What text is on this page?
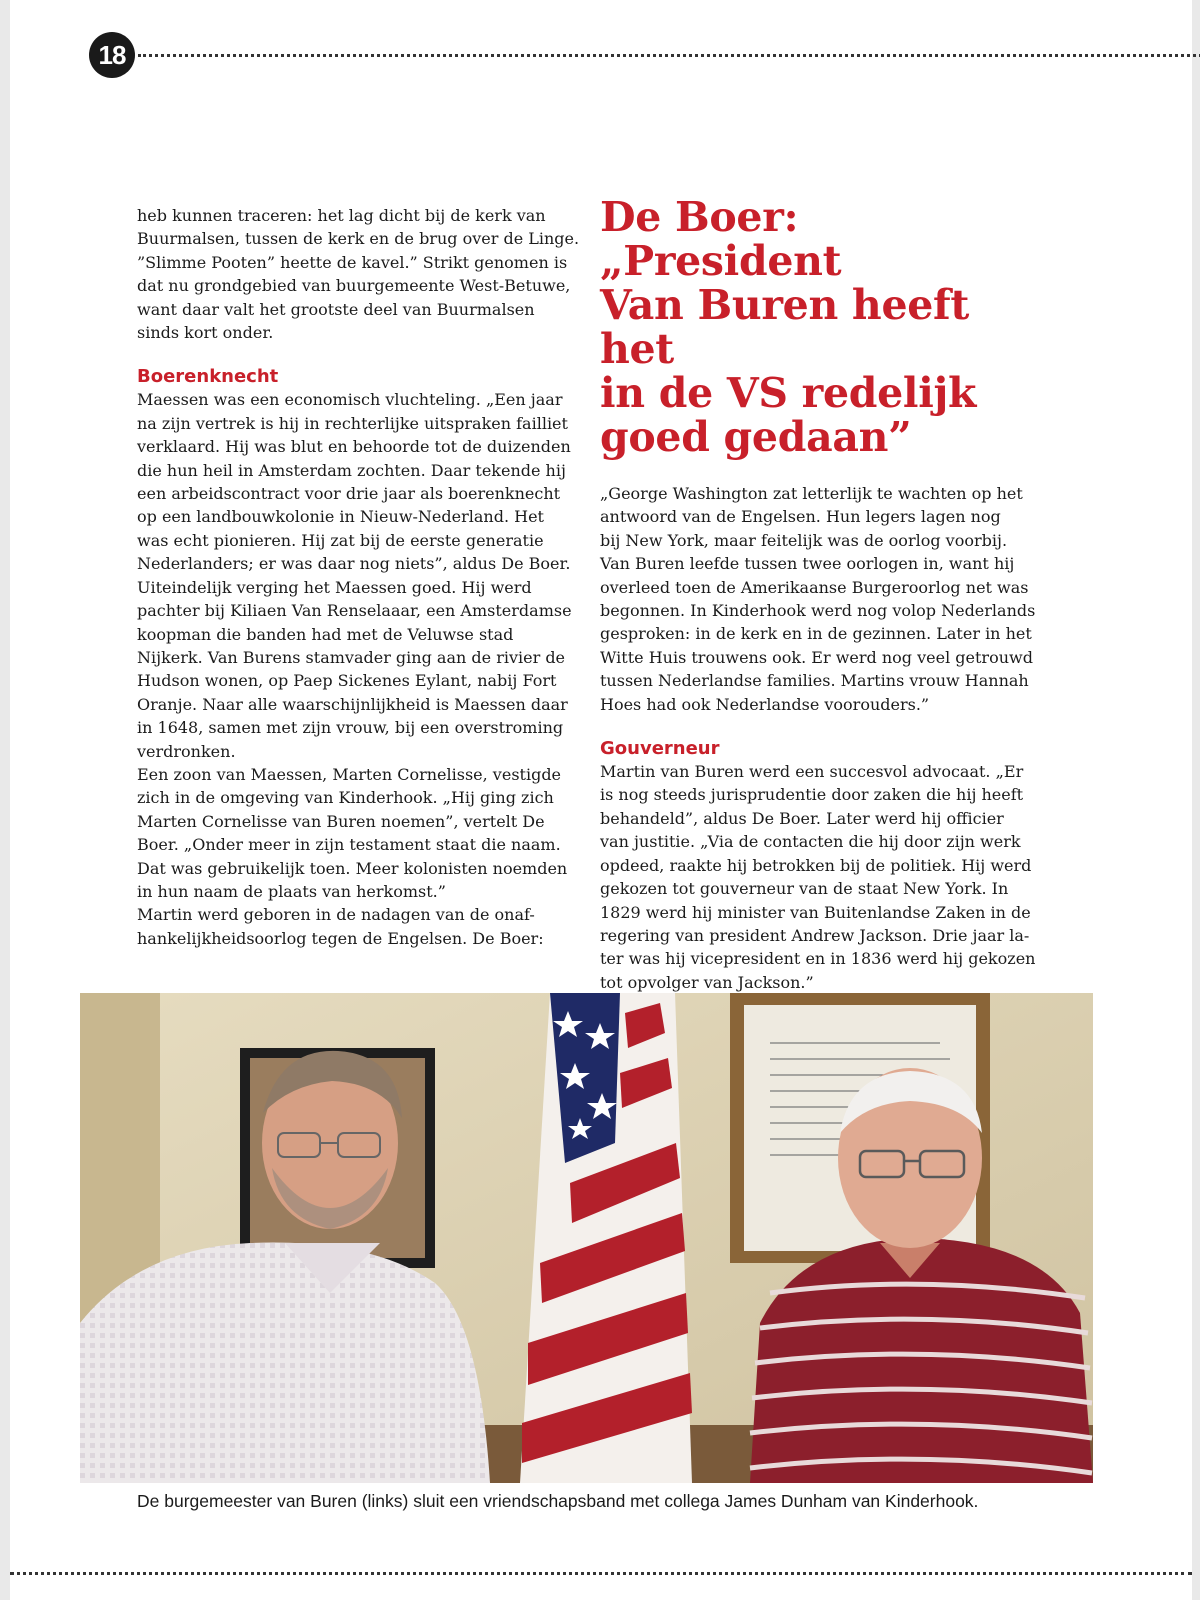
18

heb kunnen traceren: het lag dicht bij de kerk van
Buurmalsen, tussen de kerk en de brug over de Linge.
”Slimme Pooten” heette de kavel.” Strikt genomen is
dat nu grondgebied van buurgemeente West-Betuwe,
want daar valt het grootste deel van Buurmalsen
sinds kort onder.

Boerenknecht

Maessen was een economisch vluchteling. „Een jaar
na zijn vertrek is hij in rechterlijke uitspraken failliet
verklaard. Hij was blut en behoorde tot de duizenden
die hun heil in Amsterdam zochten. Daar tekende hij
een arbeidscontract voor drie jaar als boerenknecht
op een landbouwkolonie in Nieuw-Nederland. Het
was echt pionieren. Hij zat bij de eerste generatie
Nederlanders; er was daar nog niets”, aldus De Boer.
Uiteindelijk verging het Maessen goed. Hij werd
pachter bij Kiliaen Van Renselaaar, een Amsterdamse
koopman die banden had met de Veluwse stad
Nijkerk. Van Burens stamvader ging aan de rivier de
Hudson wonen, op Paep Sickenes Eylant, nabij Fort
Oranje. Naar alle waarschijnlijkheid is Maessen daar
in 1648, samen met zijn vrouw, bij een overstroming
verdronken.

Een zoon van Maessen, Marten Cornelisse, vestigde
zich in de omgeving van Kinderhook. „Hij ging zich
Marten Cornelisse van Buren noemen”, vertelt De
Boer. „Onder meer in zijn testament staat die naam.
Dat was gebruikelijk toen. Meer kolonisten noemden
in hun naam de plaats van herkomst.”

Martin werd geboren in de nadagen van de onaf-
hankelijkheidsoorlog tegen de Engelsen. De Boer:

De Boer: „President
Van Buren heeft het
in de VS redelijk
goed gedaan”

„George Washington zat letterlijk te wachten op het
antwoord van de Engelsen. Hun legers lagen nog
bij New York, maar feitelijk was de oorlog voorbij.
Van Buren leefde tussen twee oorlogen in, want hij
overleed toen de Amerikaanse Burgeroorlog net was
begonnen. In Kinderhook werd nog volop Nederlands
gesproken: in de kerk en in de gezinnen. Later in het
Witte Huis trouwens ook. Er werd nog veel getrouwd
tussen Nederlandse families. Martins vrouw Hannah
Hoes had ook Nederlandse voorouders.”

Gouverneur

Martin van Buren werd een succesvol advocaat. „Er
is nog steeds jurisprudentie door zaken die hij heeft
behandeld”, aldus De Boer. Later werd hij officier
van justitie. „Via de contacten die hij door zijn werk
opdeed, raakte hij betrokken bij de politiek. Hij werd
gekozen tot gouverneur van de staat New York. In
1829 werd hij minister van Buitenlandse Zaken in de
regering van president Andrew Jackson. Drie jaar la-
ter was hij vicepresident en in 1836 werd hij gekozen
tot opvolger van Jackson.”

De burgemeester van Buren (links) sluit een vriendschapsband met collega James Dunham van Kinderhook.
